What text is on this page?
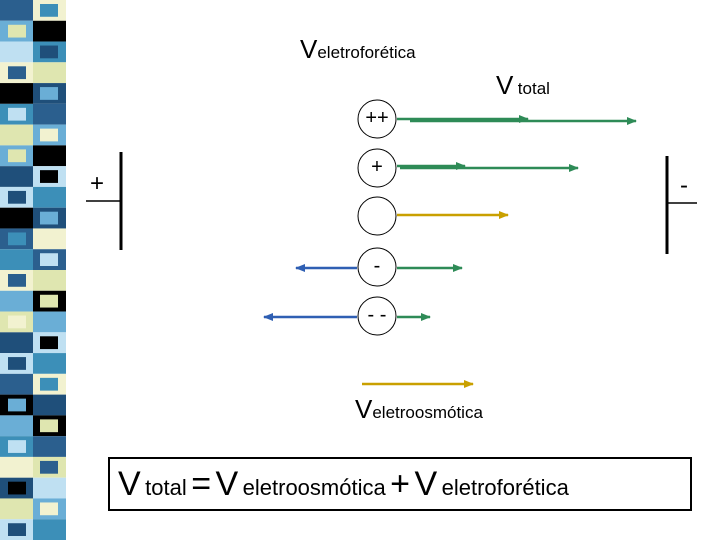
Veletroforética
V total
+	-
++
+
-
- -
Veletroosmótica
V total = V eletroosmótica + V eletroforética
